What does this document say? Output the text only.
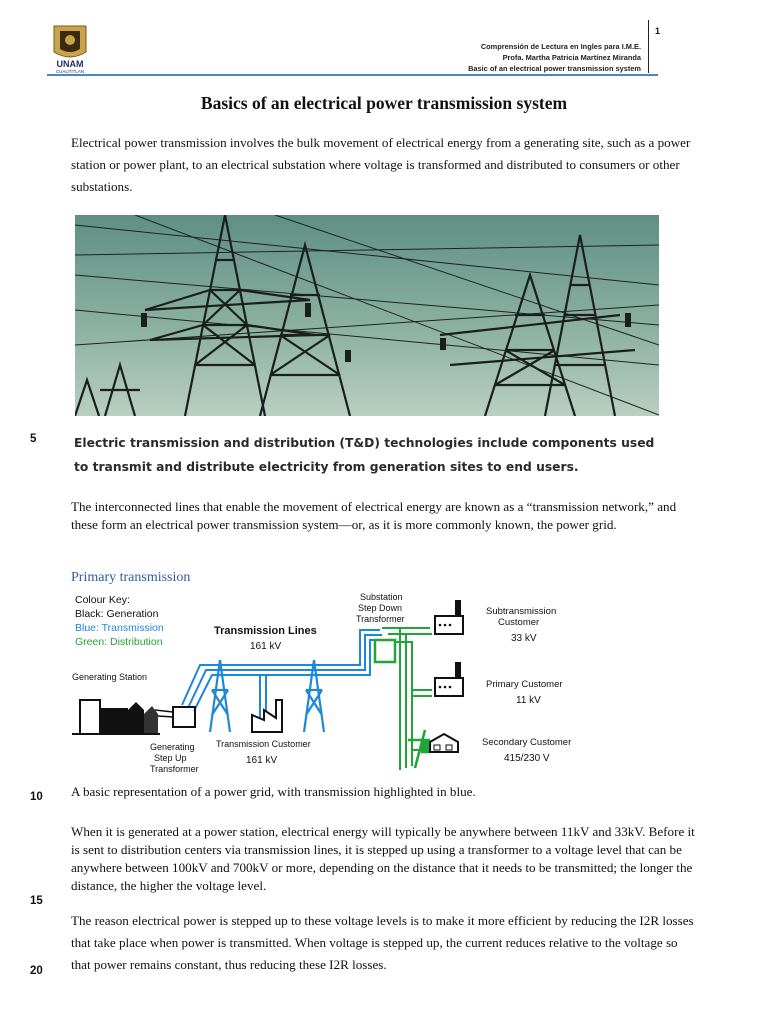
UNAM
CUAUTITLAN
Comprensión de Lectura en Ingles para I.M.E.
Profa. Martha Patricia Martínez Miranda
Basic of an electrical power transmission system
1
Basics of an electrical power transmission system
Electrical power transmission involves the bulk movement of electrical energy from a generating site, such as a power station or power plant, to an electrical substation where voltage is transformed and distributed to consumers or other substations.
5	Electric transmission and distribution (T&D) technologies include components used to transmit and distribute electricity from generation sites to end users.
The interconnected lines that enable the movement of electrical energy are known as a “transmission network,” and these form an electrical power transmission system—or, as it is more commonly known, the power grid.
Primary transmission
Colour Key:
Black: Generation
Blue: Transmission
Green: Distribution
Transmission Lines
161 kV
Generating Station
Generating
Step Up
Transformer
Transmission Customer
161 kV
Substation
Step Down
Transformer
Subtransmission
Customer
33 kV
Primary Customer
11 kV
Secondary Customer
415/230 V
10 A basic representation of a power grid, with transmission highlighted in blue.
When it is generated at a power station, electrical energy will typically be anywhere between 11kV and 33kV. Before it is sent to distribution centers via transmission lines, it is stepped up using a transformer to a voltage level that can be anywhere between 100kV and 700kV or more, depending on the distance that it needs to be transmitted; the longer the distance, the higher the voltage level.
15
The reason electrical power is stepped up to these voltage levels is to make it more efficient by reducing the I2R losses that take place when power is transmitted. When voltage is stepped up, the current reduces relative to the voltage so that power remains constant, thus reducing these I2R losses.
20
